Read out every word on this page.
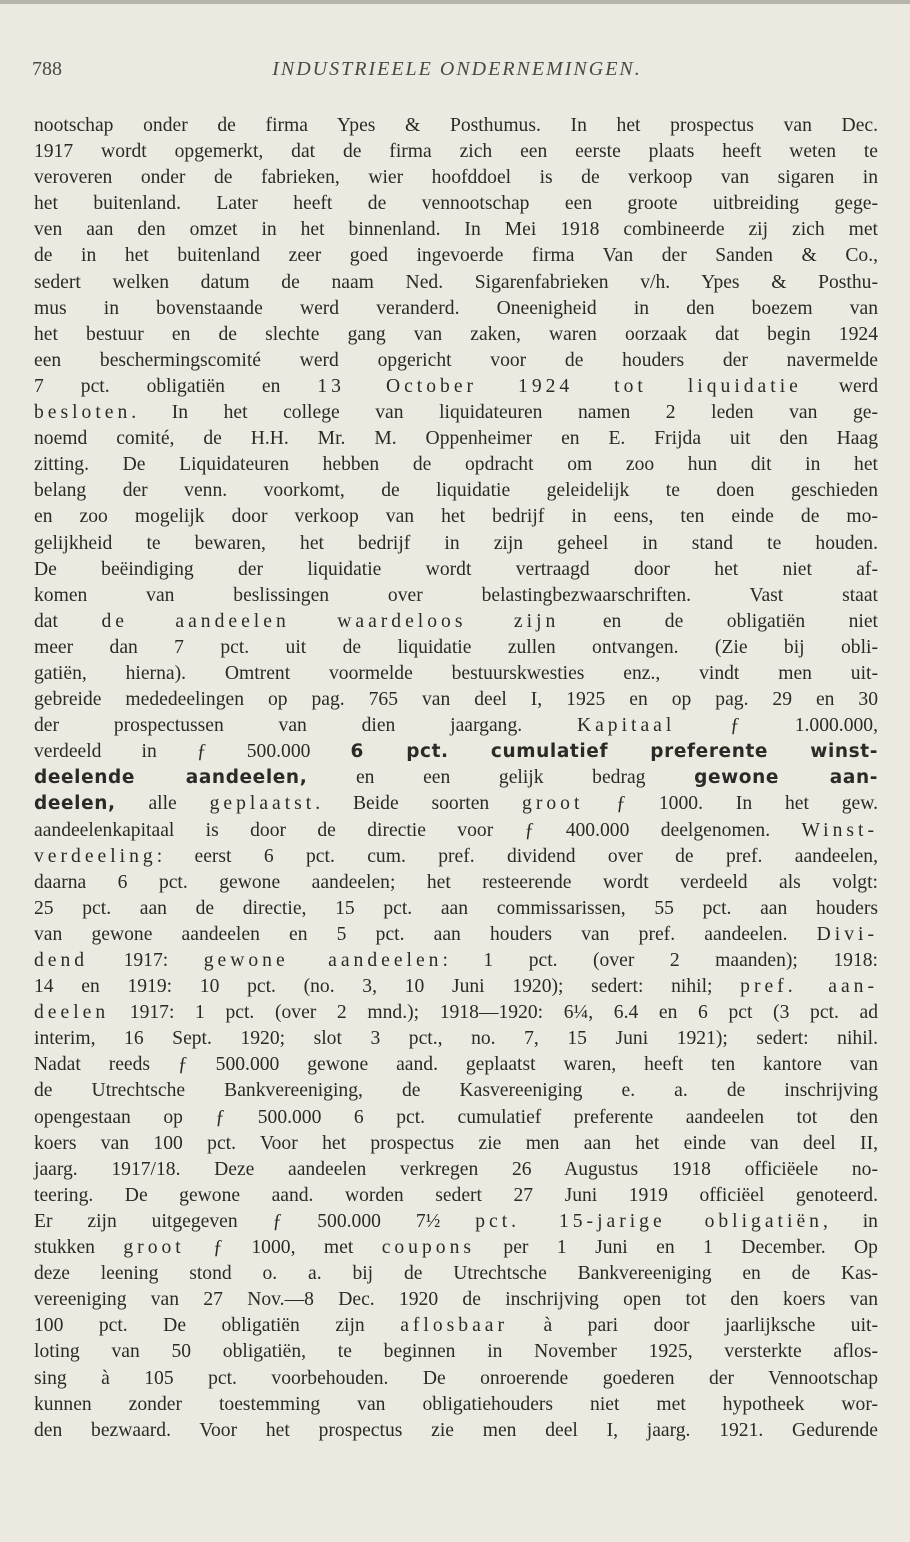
788	INDUSTRIEELE ONDERNEMINGEN.
nootschap onder de firma Ypes & Posthumus. In het prospectus van Dec.
1917 wordt opgemerkt, dat de firma zich een eerste plaats heeft weten te
veroveren onder de fabrieken, wier hoofddoel is de verkoop van sigaren in
het buitenland. Later heeft de vennootschap een groote uitbreiding gege-
ven aan den omzet in het binnenland. In Mei 1918 combineerde zij zich met
de in het buitenland zeer goed ingevoerde firma Van der Sanden & Co.,
sedert welken datum de naam Ned. Sigarenfabrieken v/h. Ypes & Posthu-
mus in bovenstaande werd veranderd. Oneenigheid in den boezem van
het bestuur en de slechte gang van zaken, waren oorzaak dat begin 1924
een beschermingscomité werd opgericht voor de houders der navermelde
7 pct. obligatiën en 13 October 1924 tot liquidatie werd
besloten. In het college van liquidateuren namen 2 leden van ge-
noemd comité, de H.H. Mr. M. Oppenheimer en E. Frijda uit den Haag
zitting. De Liquidateuren hebben de opdracht om zoo hun dit in het
belang der venn. voorkomt, de liquidatie geleidelijk te doen geschieden
en zoo mogelijk door verkoop van het bedrijf in eens, ten einde de mo-
gelijkheid te bewaren, het bedrijf in zijn geheel in stand te houden.
De beëindiging der liquidatie wordt vertraagd door het niet af-
komen van beslissingen over belastingbezwaarschriften. Vast staat
dat de aandeelen waardeloos zijn en de obligatiën niet
meer dan 7 pct. uit de liquidatie zullen ontvangen. (Zie bij obli-
gatiën, hierna). Omtrent voormelde bestuurskwesties enz., vindt men uit-
gebreide mededeelingen op pag. 765 van deel I, 1925 en op pag. 29 en 30
der prospectussen van dien jaargang. Kapitaal ƒ 1.000.000,
verdeeld in ƒ 500.000 6 pct. cumulatief preferente winst-
deelende aandeelen, en een gelijk bedrag gewone aan-
deelen, alle geplaatst. Beide soorten groot ƒ 1000. In het gew.
aandeelenkapitaal is door de directie voor ƒ 400.000 deelgenomen. Winst-
verdeeling: eerst 6 pct. cum. pref. dividend over de pref. aandeelen,
daarna 6 pct. gewone aandeelen; het resteerende wordt verdeeld als volgt:
25 pct. aan de directie, 15 pct. aan commissarissen, 55 pct. aan houders
van gewone aandeelen en 5 pct. aan houders van pref. aandeelen. Divi-
dend 1917: gewone aandeelen: 1 pct. (over 2 maanden); 1918:
14 en 1919: 10 pct. (no. 3, 10 Juni 1920); sedert: nihil; pref. aan-
deelen 1917: 1 pct. (over 2 mnd.); 1918—1920: 6¼, 6.4 en 6 pct (3 pct. ad
interim, 16 Sept. 1920; slot 3 pct., no. 7, 15 Juni 1921); sedert: nihil.
Nadat reeds ƒ 500.000 gewone aand. geplaatst waren, heeft ten kantore van
de Utrechtsche Bankvereeniging, de Kasvereeniging e. a. de inschrijving
opengestaan op ƒ 500.000 6 pct. cumulatief preferente aandeelen tot den
koers van 100 pct. Voor het prospectus zie men aan het einde van deel II,
jaarg. 1917/18. Deze aandeelen verkregen 26 Augustus 1918 officiëele no-
teering. De gewone aand. worden sedert 27 Juni 1919 officiëel genoteerd.
Er zijn uitgegeven ƒ 500.000 7½ pct. 15-jarige obligatiën, in
stukken groot ƒ 1000, met coupons per 1 Juni en 1 December. Op
deze leening stond o. a. bij de Utrechtsche Bankvereeniging en de Kas-
vereeniging van 27 Nov.—8 Dec. 1920 de inschrijving open tot den koers van
100 pct. De obligatiën zijn aflosbaar à pari door jaarlijksche uit-
loting van 50 obligatiën, te beginnen in November 1925, versterkte aflos-
sing à 105 pct. voorbehouden. De onroerende goederen der Vennootschap
kunnen zonder toestemming van obligatiehouders niet met hypotheek wor-
den bezwaard. Voor het prospectus zie men deel I, jaarg. 1921. Gedurende
